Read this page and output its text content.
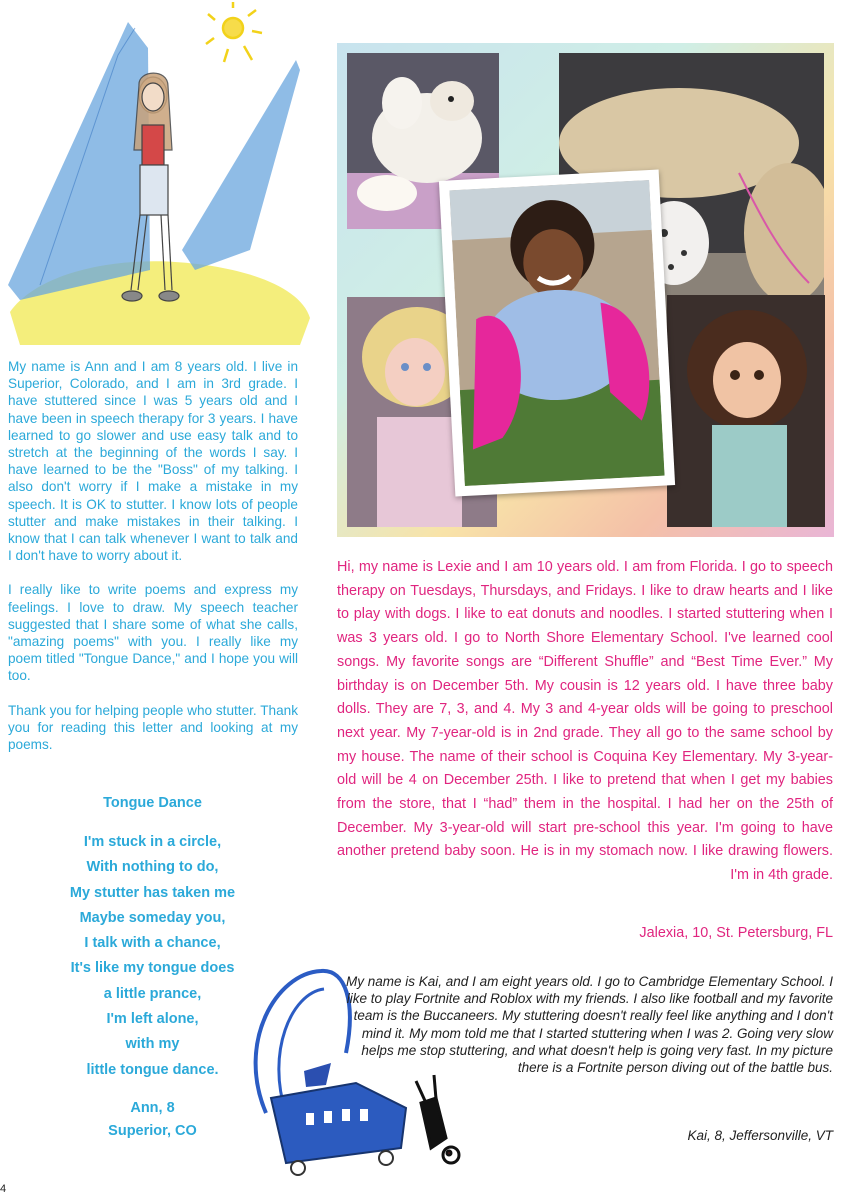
My name is Ann and I am 8 years old. I live in Superior, Colorado, and I am in 3rd grade. I have stuttered since I was 5 years old and I have been in speech therapy for 3 years. I have learned to go slower and use easy talk and to stretch at the beginning of the words I say. I have learned to be the "Boss" of my talking. I also don't worry if I make a mistake in my speech. It is OK to stutter. I know lots of people stutter and make mistakes in their talking. I know that I can talk whenever I want to talk and I don't have to worry about it.

I really like to write poems and express my feelings. I love to draw. My speech teacher suggested that I share some of what she calls, "amazing poems" with you. I really like my poem titled "Tongue Dance," and I hope you will too.

Thank you for helping people who stutter. Thank you for reading this letter and looking at my poems.

Tongue Dance
I'm stuck in a circle,
With nothing to do,
My stutter has taken me
Maybe someday you,
I talk with a chance,
It's like my tongue does
a little prance,
I'm left alone,
with my
little tongue dance.
Ann, 8
Superior, CO
Hi, my name is Lexie and I am 10 years old. I am from Florida. I go to speech therapy on Tuesdays, Thursdays, and Fridays. I like to draw hearts and I like to play with dogs. I like to eat donuts and noodles. I started stuttering when I was 3 years old. I go to North Shore Elementary School. I've learned cool songs. My favorite songs are “Different Shuffle” and “Best Time Ever.” My birthday is on December 5th. My cousin is 12 years old. I have three baby dolls. They are 7, 3, and 4. My 3 and 4-year olds will be going to preschool next year. My 7-year-old is in 2nd grade. They all go to the same school by my house. The name of their school is Coquina Key Elementary. My 3-year-old will be 4 on December 25th. I like to pretend that when I get my babies from the store, that I “had” them in the hospital. I had her on the 25th of December. My 3-year-old will start pre-school this year. I'm going to have another pretend baby soon. He is in my stomach now. I like drawing flowers. I'm in 4th grade.
Jalexia, 10, St. Petersburg, FL
My name is Kai, and I am eight years old. I go to Cambridge Elementary School. I like to play Fortnite and Roblox with my friends. I also like football and my favorite team is the Buccaneers. My stuttering doesn't really feel like anything and I don't mind it. My mom told me that I started stuttering when I was 2. Going very slow helps me stop stuttering, and what doesn't help is going very fast. In my picture there is a Fortnite person diving out of the battle bus.
Kai, 8, Jeffersonville, VT
4
